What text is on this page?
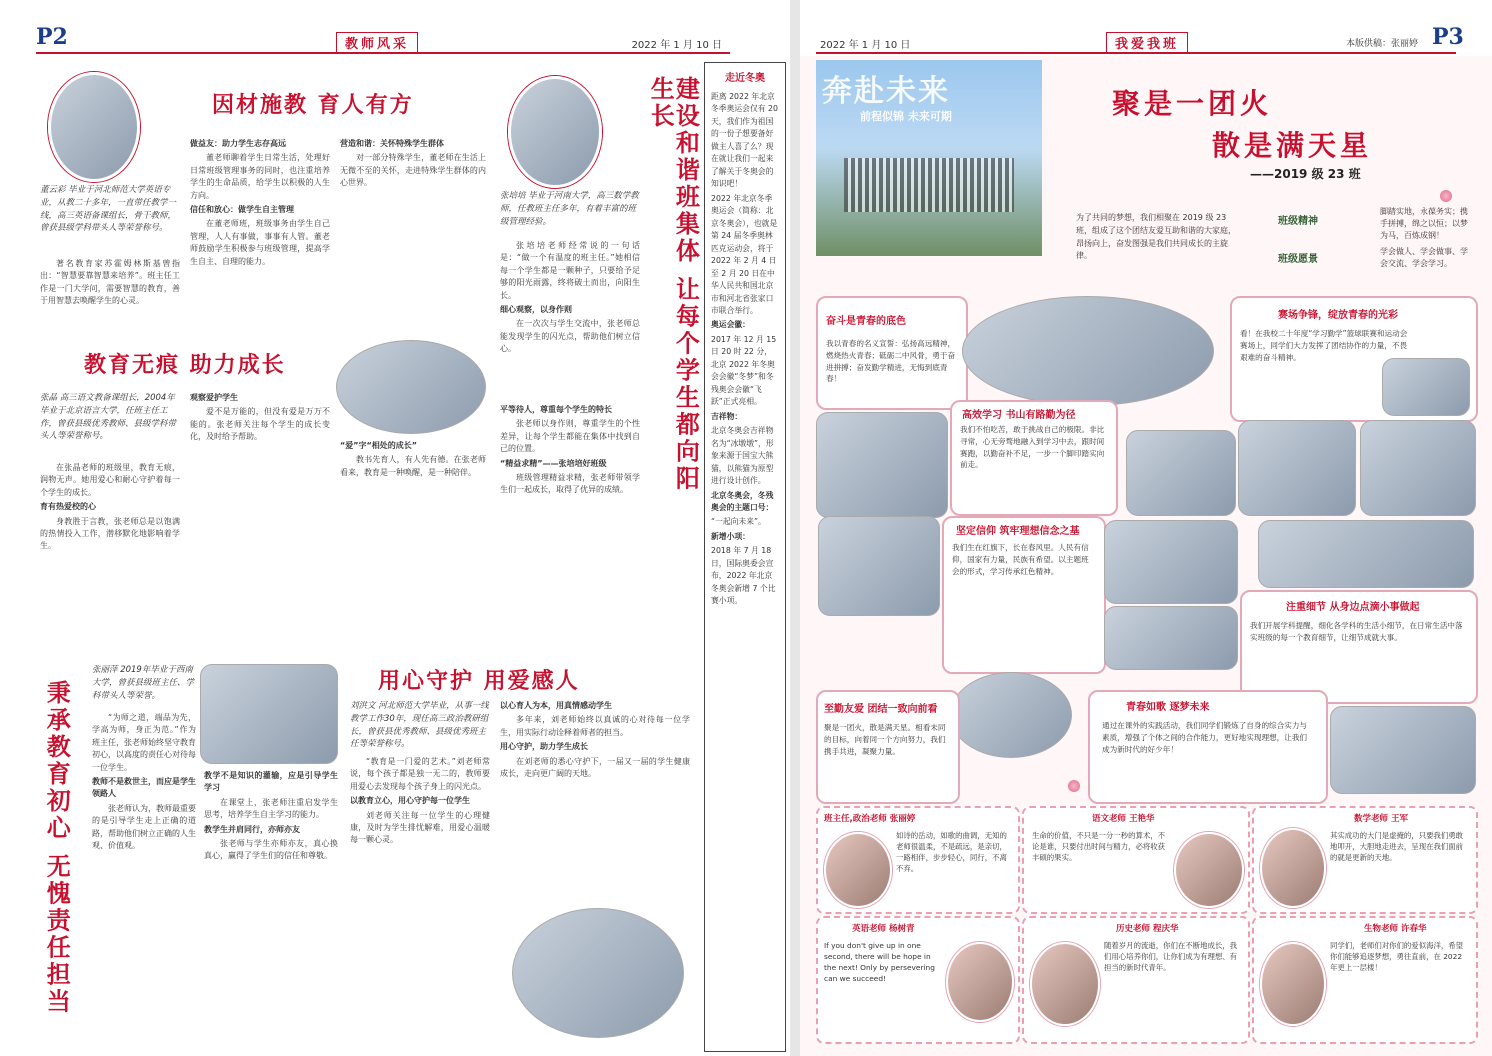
P2	教师风采	2022 年 1 月 10 日
董云彩 毕业于河北师范大学英语专业，从教二十多年，一直带任教学一线，高三英语备课组长，骨干教师，曾获县级学科带头人等荣誉称号。
因材施教 育人有方

著名教育家苏霍姆林斯基曾指出：“智慧要靠智慧来培养”。班主任工作是一门大学问，需要智慧的教育，善于用智慧去唤醒学生的心灵。

做益友：助力学生志存高远

董老师聊着学生日常生活，处理好日常班级管理事务的同时，也注重培养学生的生命品质，给学生以积极的人生方向。

信任和放心：做学生自主管理

在董老师班，班级事务由学生自己管理，人人有事做，事事有人管。董老师鼓励学生积极参与班级管理，提高学生自主、自理的能力。

营造和谐：关怀特殊学生群体

对一部分特殊学生，董老师在生活上无微不至的关怀，走进特殊学生群体的内心世界。	建设和谐班集体 让每个学生都向阳生长
张培培 毕业于河南大学，高三数学教师，任教班主任多年，有着丰富的班级管理经验。

张培培老师经常说的一句话是：“做一个有温度的班主任。”她相信每一个学生都是一颗种子，只要给予足够的阳光雨露，终将破土而出，向阳生长。

细心观察，以身作则

在一次次与学生交流中，张老师总能发现学生的闪光点，帮助他们树立信心。

平等待人，尊重每个学生的特长

张老师以身作则，尊重学生的个性差异，让每个学生都能在集体中找到自己的位置。

“精益求精”——张培培好班级

班级管理精益求精，张老师带领学生们一起成长，取得了优异的成绩。

教育无痕 助力成长
张晶 高三语文教备课组长，2004年毕业于北京语言大学，任班主任工作，曾获县级优秀教师、县级学科带头人等荣誉称号。

在张晶老师的班级里，教育无痕，润物无声。她用爱心和耐心守护着每一个学生的成长。

育有热爱校的心

身教胜于言教，张老师总是以饱满的热情投入工作，潜移默化地影响着学生。

观察爱护学生

爱不是万能的，但没有爱是万万不能的。张老师关注每个学生的成长变化，及时给予帮助。

“爱”字“相处的成长”

教书先育人，有人先有德。在张老师看来，教育是一种唤醒，是一种陪伴。

秉承教育初心 无愧责任担当
张丽萍 2019年毕业于西南大学，曾获县级班主任、学科带头人等荣誉。

“为师之道，端品为先，学高为师，身正为范。”作为班主任，张老师始终坚守教育初心，以高度的责任心对待每一位学生。

教师不是救世主，而应是学生领路人

张老师认为，教师最重要的是引导学生走上正确的道路，帮助他们树立正确的人生观、价值观。

教学不是知识的灌输，应是引导学生学习

在课堂上，张老师注重启发学生思考，培养学生自主学习的能力。

教学生并肩同行，亦师亦友

张老师与学生亦师亦友，真心换真心，赢得了学生们的信任和尊敬。

用心守护 用爱感人
刘洪文 河北师范大学毕业，从事一线教学工作30年，现任高三政治教研组长，曾获县优秀教师、县级优秀班主任等荣誉称号。

“教育是一门爱的艺术。”刘老师常说，每个孩子都是独一无二的，教师要用爱心去发现每个孩子身上的闪光点。

以教育立心，用心守护每一位学生

刘老师关注每一位学生的心理健康，及时为学生排忧解难，用爱心温暖每一颗心灵。

以心育人为本，用真情感动学生

多年来，刘老师始终以真诚的心对待每一位学生，用实际行动诠释着师者的担当。

用心守护，助力学生成长

在刘老师的悉心守护下，一届又一届的学生健康成长，走向更广阔的天地。

走近冬奥

距离 2022 年北京冬季奥运会仅有 20 天，我们作为祖国的一份子想要备好做主人喜了么？现在就让我们一起来了解关于冬奥会的知识吧！

2022 年北京冬季奥运会（简称：北京冬奥会），也就是第 24 届冬季奥林匹克运动会，将于 2022 年 2 月 4 日至 2 月 20 日在中华人民共和国北京市和河北省张家口市联合举行。

奥运会徽：

2017 年 12 月 15 日 20 时 22 分，北京 2022 年冬奥会会徽“冬梦”和冬残奥会会徽“飞跃”正式亮相。

吉祥物：

北京冬奥会吉祥物名为“冰墩墩”，形象来源于国宝大熊猫，以熊猫为原型进行设计创作。

北京冬奥会，冬残奥会的主题口号：

“一起向未来”。

新增小项：

2018 年 7 月 18 日，国际奥委会宣布，2022 年北京冬奥会新增 7 个比赛小项。

2022 年 1 月 10 日	我爱我班	本版供稿：张丽婷 P3
奔赴未来
前程似锦 未来可期	聚是一团火
散是满天星
——2019 级 23 班
为了共同的梦想，我们相聚在 2019 级 23 班，组成了这个团结友爱互助和谐的大家庭，昂扬向上，奋发图强是我们共同成长的主旋律。
班级精神
脚踏实地，永葆务实；携手拼搏，绵之以恒；以梦为马，百炼成钢！
班级愿景
学会做人、学会做事、学会交流、学会学习。
奋斗是青春的底色
我以青春的名义宣誓：弘扬高远精神，燃烧热火青春；砥砺二中风骨，勇于奋进拼搏；奋发勤学精进，无悔到底青春！
赛场争锋，绽放青春的光彩
看！在我校二十年度“学习勤学”篮球联赛和运动会赛场上，同学们大力发挥了团结协作的力量，不畏艰难的奋斗精神。
高效学习 书山有路勤为径
我们不怕吃苦，敢于挑战自己的极限。非比寻常，心无旁骛地融入到学习中去，跟时间赛跑，以勤奋补不足，一步一个脚印踏实向前走。
坚定信仰 筑牢理想信念之基
我们生在红旗下，长在春风里。人民有信仰，国家有力量，民族有希望。以主题班会的形式，学习传承红色精神。
注重细节 从身边点滴小事做起
我们开展学科提醒，细化各学科的生活小细节，在日常生活中落实班级的每一个教育细节，让细节成就大事。
至勤友爱 团结一致向前看
聚是一团火，散是满天星。相看未同的目标，向着同一个方向努力，我们携手共进，凝聚力量。
青春如歌 逐梦未来
通过在课外的实践活动，我们同学们锻炼了自身的综合实力与素质，增强了个体之间的合作能力，更好地实现理想，让我们成为新时代的好少年！
班主任,政治老师 张丽婷
如诗的岳动，如歌的曲调，无知的老师很温柔，不是疏远，是亲切，一路相伴，步步轻心，同行，不离不弃。
语文老师 王艳华
生命的价值，不只是一分一秒的算术，不论是谁，只要付出时间与精力，必将收获丰硕的果实。
数学老师 王军
其实成功的大门是虚掩的，只要我们勇敢地叩开，大胆地走进去，呈现在我们面前的就是更新的天地。
英语老师 杨树青
If you don't give up in one second, there will be hope in the next! Only by persevering can we succeed!
历史老师 程庆华
随着岁月的流逝，你们在不断地成长，我们用心培养你们，让你们成为有理想、有担当的新时代青年。
生物老师 许春华
同学们，老师们对你们的爱似海洋，希望你们能够追逐梦想，勇往直前，在 2022 年更上一层楼！
